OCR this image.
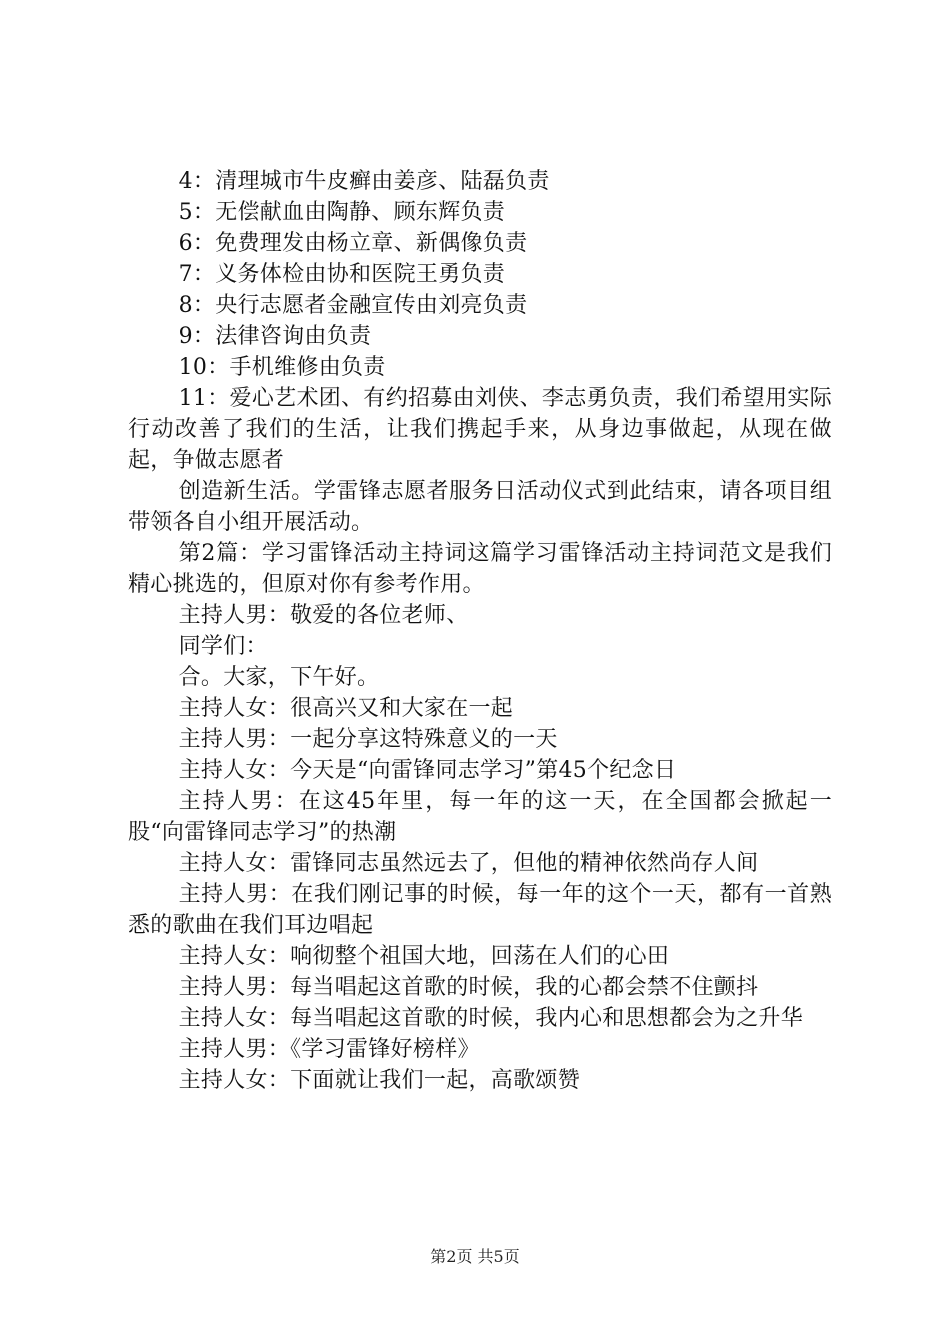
4：清理城市牛皮癣由姜彦、陆磊负责

5：无偿献血由陶静、顾东辉负责

6：免费理发由杨立章、新偶像负责

7：义务体检由协和医院王勇负责

8：央行志愿者金融宣传由刘亮负责

9：法律咨询由负责

10：手机维修由负责

11：爱心艺术团、有约招募由刘侠、李志勇负责，我们希望用实际行动改善了我们的生活，让我们携起手来，从身边事做起，从现在做起，争做志愿者

创造新生活。学雷锋志愿者服务日活动仪式到此结束，请各项目组带领各自小组开展活动。

第2篇：学习雷锋活动主持词这篇学习雷锋活动主持词范文是我们精心挑选的，但原对你有参考作用。

主持人男：敬爱的各位老师、

同学们：

合。大家，下午好。

主持人女：很高兴又和大家在一起

主持人男：一起分享这特殊意义的一天

主持人女：今天是“向雷锋同志学习”第45个纪念日

主持人男：在这45年里，每一年的这一天，在全国都会掀起一股“向雷锋同志学习”的热潮

主持人女：雷锋同志虽然远去了，但他的精神依然尚存人间

主持人男：在我们刚记事的时候，每一年的这个一天，都有一首熟悉的歌曲在我们耳边唱起

主持人女：响彻整个祖国大地，回荡在人们的心田

主持人男：每当唱起这首歌的时候，我的心都会禁不住颤抖

主持人女：每当唱起这首歌的时候，我内心和思想都会为之升华

主持人男：《学习雷锋好榜样》

主持人女：下面就让我们一起，高歌颂赞

第2页 共5页
